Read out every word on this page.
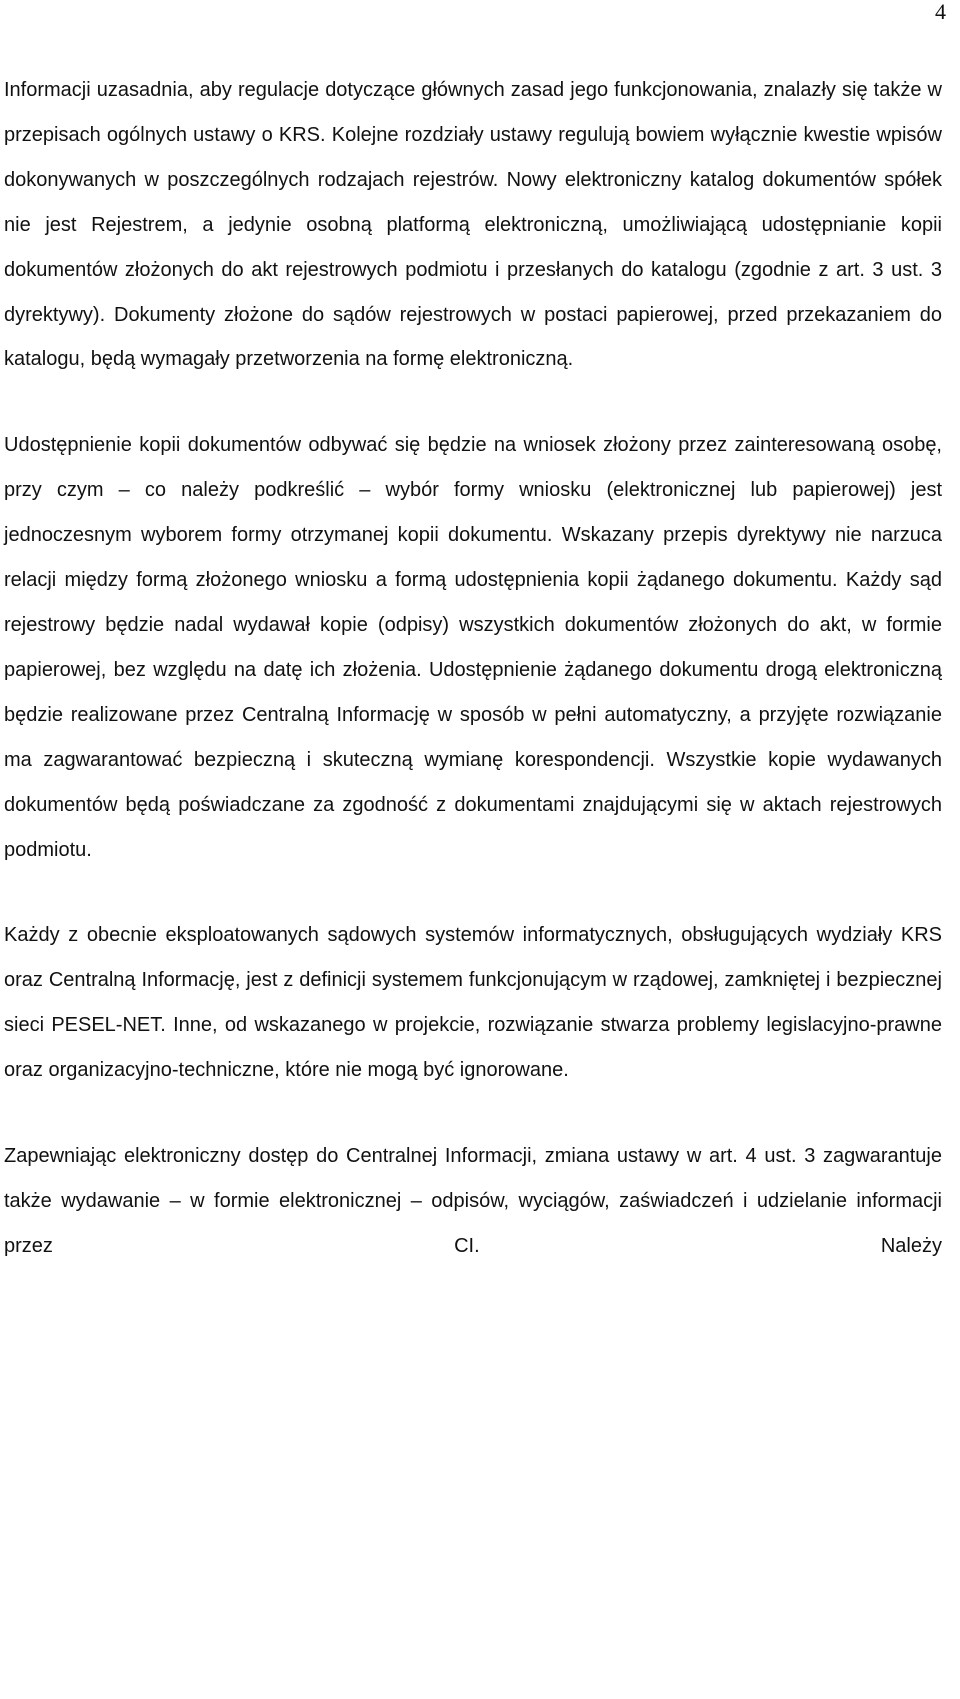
4

Informacji uzasadnia, aby regulacje dotyczące głównych zasad jego funkcjonowania, znalazły się także w przepisach ogólnych ustawy o KRS. Kolejne rozdziały ustawy regulują bowiem wyłącznie kwestie wpisów dokonywanych w poszczególnych rodzajach rejestrów. Nowy elektroniczny katalog dokumentów spółek nie jest Rejestrem, a jedynie osobną platformą elektroniczną, umożliwiającą udostępnianie kopii dokumentów złożonych do akt rejestrowych podmiotu i przesłanych do katalogu (zgodnie z art. 3 ust. 3 dyrektywy). Dokumenty złożone do sądów rejestrowych w postaci papierowej, przed przekazaniem do katalogu, będą wymagały przetworzenia na formę elektroniczną.

Udostępnienie kopii dokumentów odbywać się będzie na wniosek złożony przez zainteresowaną osobę, przy czym – co należy podkreślić – wybór formy wniosku (elektronicznej lub papierowej) jest jednoczesnym wyborem formy otrzymanej kopii dokumentu. Wskazany przepis dyrektywy nie narzuca relacji między formą złożonego wniosku a formą udostępnienia kopii żądanego dokumentu. Każdy sąd rejestrowy będzie nadal wydawał kopie (odpisy) wszystkich dokumentów złożonych do akt, w formie papierowej, bez względu na datę ich złożenia. Udostępnienie żądanego dokumentu drogą elektroniczną będzie realizowane przez Centralną Informację w sposób w pełni automatyczny, a przyjęte rozwiązanie ma zagwarantować bezpieczną i skuteczną wymianę korespondencji. Wszystkie kopie wydawanych dokumentów będą poświadczane za zgodność z dokumentami znajdującymi się w aktach rejestrowych podmiotu.

Każdy z obecnie eksploatowanych sądowych systemów informatycznych, obsługujących wydziały KRS oraz Centralną Informację, jest z definicji systemem funkcjonującym w rządowej, zamkniętej i bezpiecznej sieci PESEL-NET. Inne, od wskazanego w projekcie, rozwiązanie stwarza problemy legislacyjno-prawne oraz organizacyjno-techniczne, które nie mogą być ignorowane.

Zapewniając elektroniczny dostęp do Centralnej Informacji, zmiana ustawy w art. 4 ust. 3 zagwarantuje także wydawanie – w formie elektronicznej – odpisów, wyciągów, zaświadczeń i udzielanie informacji przez CI. Należy
